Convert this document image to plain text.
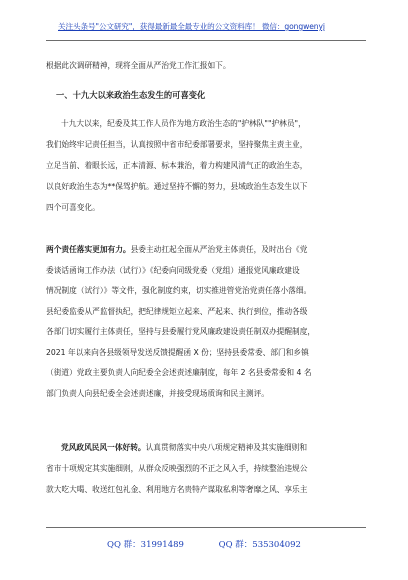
关注头条号"公文研究"，获得最新最全最专业的公文资料库！ 微信：gongwenyj
根据此次调研精神，现将全面从严治党工作汇报如下。
一、十九大以来政治生态发生的可喜变化
十九大以来，纪委及其工作人员作为地方政治生态的"护林队""护林员"，
我们始终牢记责任担当，认真按照中省市纪委部署要求，坚持聚焦主责主业，
立足当前、着眼长远，正本清源、标本兼治，着力构建风清气正的政治生态，
以良好政治生态为**保驾护航。通过坚持不懈的努力，县域政治生态发生以下
四个可喜变化。
两个责任落实更加有力。县委主动扛起全面从严治党主体责任，及时出台《党
委谈话函询工作办法（试行）》《纪委向同级党委（党组）通报党风廉政建设
情况制度（试行）》等文件，强化制度约束，切实推进管党治党责任落小落细。
县纪委监委从严监督执纪，把纪律规矩立起来、严起来、执行到位，推动各级
各部门切实履行主体责任，坚持与县委履行党风廉政建设责任制双办提醒制度，
2021 年以来向各县级领导发送反馈提醒函 X 份；坚持县委常委、部门和乡镇
（街道）党政主要负责人向纪委全会述责述廉制度，每年 2 名县委常委和 4 名
部门负责人向县纪委全会述责述廉，并接受现场质询和民主测评。
党风政风民风一体好转。认真贯彻落实中央八项规定精神及其实施细则和
省市十项规定其实施细则，从群众反映强烈的不正之风入手，持续整治违规公
款大吃大喝、收送红包礼金、利用地方名贵特产谋取私利等奢靡之风、享乐主
QQ 群：31991489	QQ 群：535304092
